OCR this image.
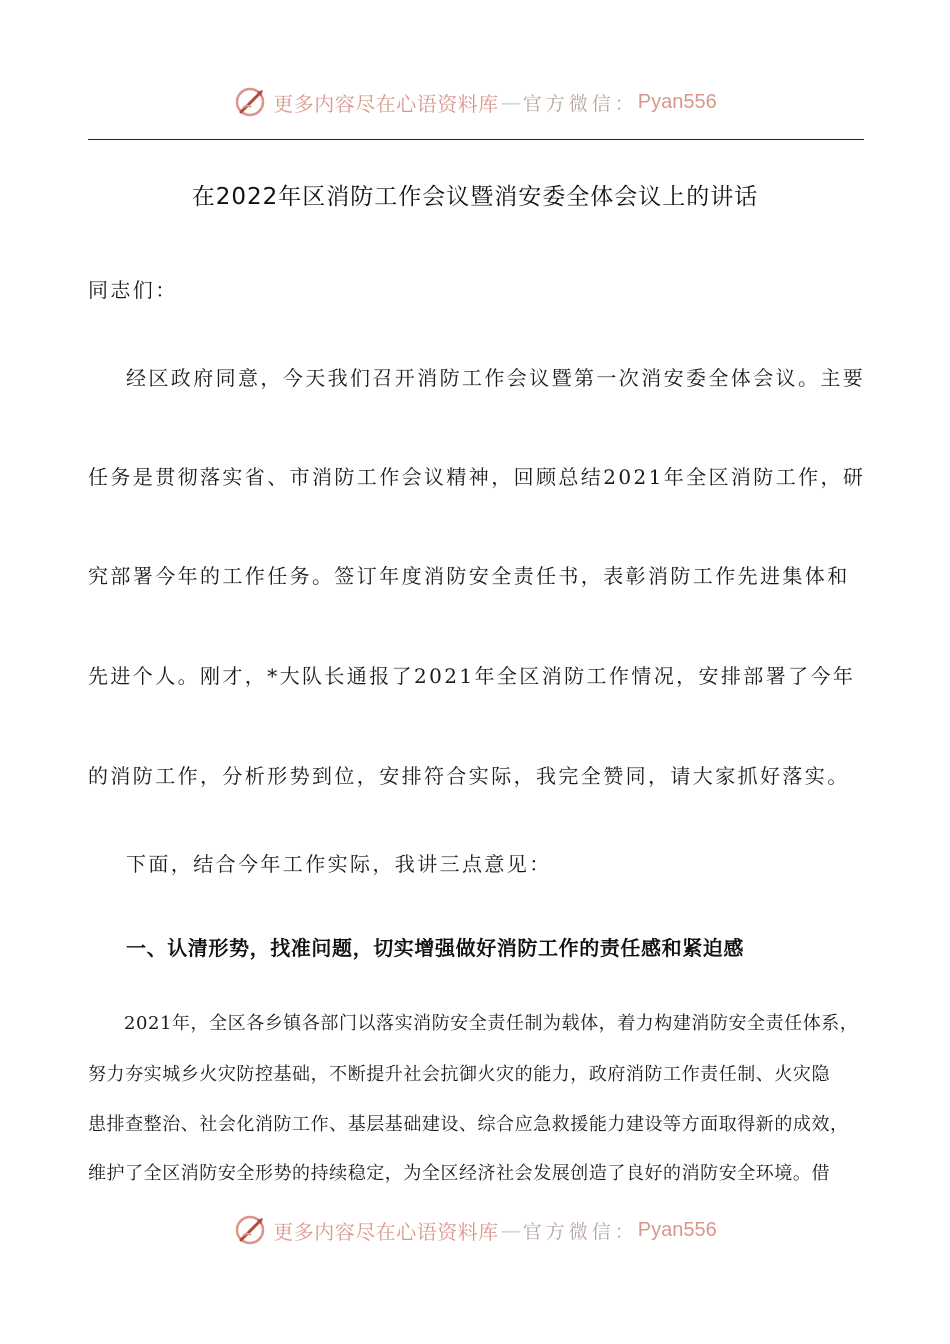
更多内容尽在心语资料库 — 官方微信： Pyan556
在2022年区消防工作会议暨消安委全体会议上的讲话
同志们：
经区政府同意，今天我们召开消防工作会议暨第一次消安委全体会议。主要
任务是贯彻落实省、市消防工作会议精神，回顾总结2021年全区消防工作，研
究部署今年的工作任务。签订年度消防安全责任书，表彰消防工作先进集体和
先进个人。刚才，*大队长通报了2021年全区消防工作情况，安排部署了今年
的消防工作，分析形势到位，安排符合实际，我完全赞同，请大家抓好落实。
下面，结合今年工作实际，我讲三点意见：
一、认清形势，找准问题，切实增强做好消防工作的责任感和紧迫感
2021年，全区各乡镇各部门以落实消防安全责任制为载体，着力构建消防安全责任体系，
努力夯实城乡火灾防控基础，不断提升社会抗御火灾的能力，政府消防工作责任制、火灾隐
患排查整治、社会化消防工作、基层基础建设、综合应急救援能力建设等方面取得新的成效，
维护了全区消防安全形势的持续稳定，为全区经济社会发展创造了良好的消防安全环境。借
更多内容尽在心语资料库 — 官方微信： Pyan556
